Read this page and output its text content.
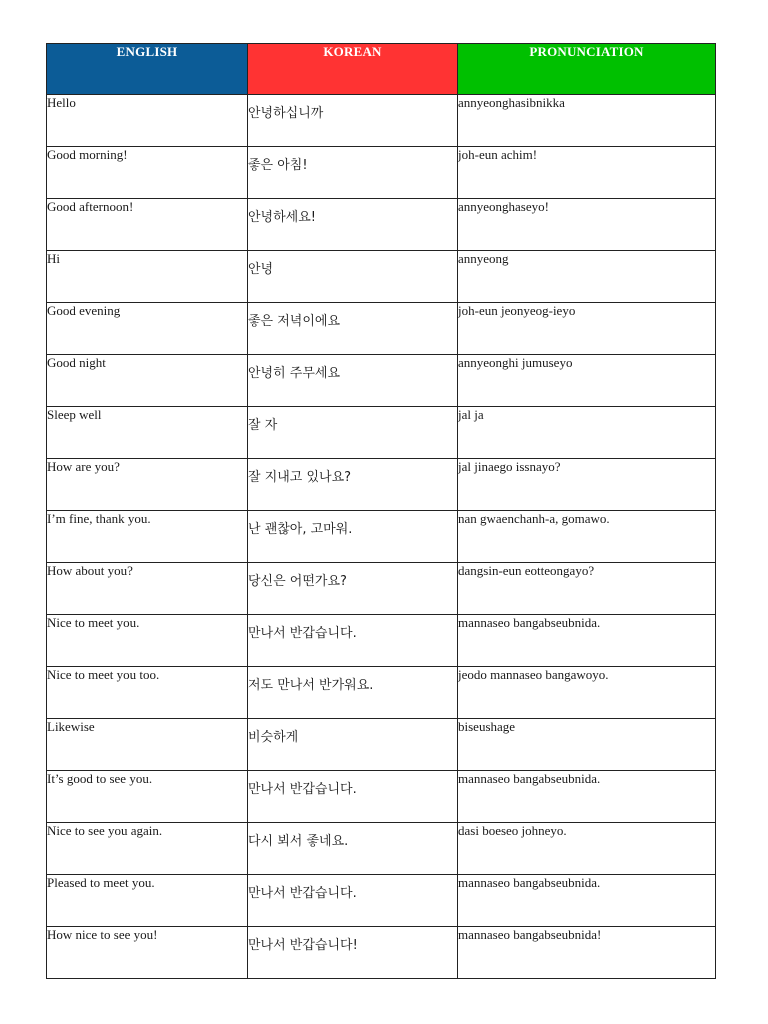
ENGLISH	KOREAN	PRONUNCIATION
Hello	안녕하십니까	annyeonghasibnikka
Good morning!	좋은 아침!	joh-eun achim!
Good afternoon!	안녕하세요!	annyeonghaseyo!
Hi	안녕	annyeong
Good evening	좋은 저녁이에요	joh-eun jeonyeog-ieyo
Good night	안녕히 주무세요	annyeonghi jumuseyo
Sleep well	잘 자	jal ja
How are you?	잘 지내고 있나요?	jal jinaego issnayo?
I’m fine, thank you.	난 괜찮아, 고마워.	nan gwaenchanh-a, gomawo.
How about you?	당신은 어떤가요?	dangsin-eun eotteongayo?
Nice to meet you.	만나서 반갑습니다.	mannaseo bangabseubnida.
Nice to meet you too.	저도 만나서 반가워요.	jeodo mannaseo bangawoyo.
Likewise	비슷하게	biseushage
It’s good to see you.	만나서 반갑습니다.	mannaseo bangabseubnida.
Nice to see you again.	다시 뵈서 좋네요.	dasi boeseo johneyo.
Pleased to meet you.	만나서 반갑습니다.	mannaseo bangabseubnida.
How nice to see you!	만나서 반갑습니다!	mannaseo bangabseubnida!
